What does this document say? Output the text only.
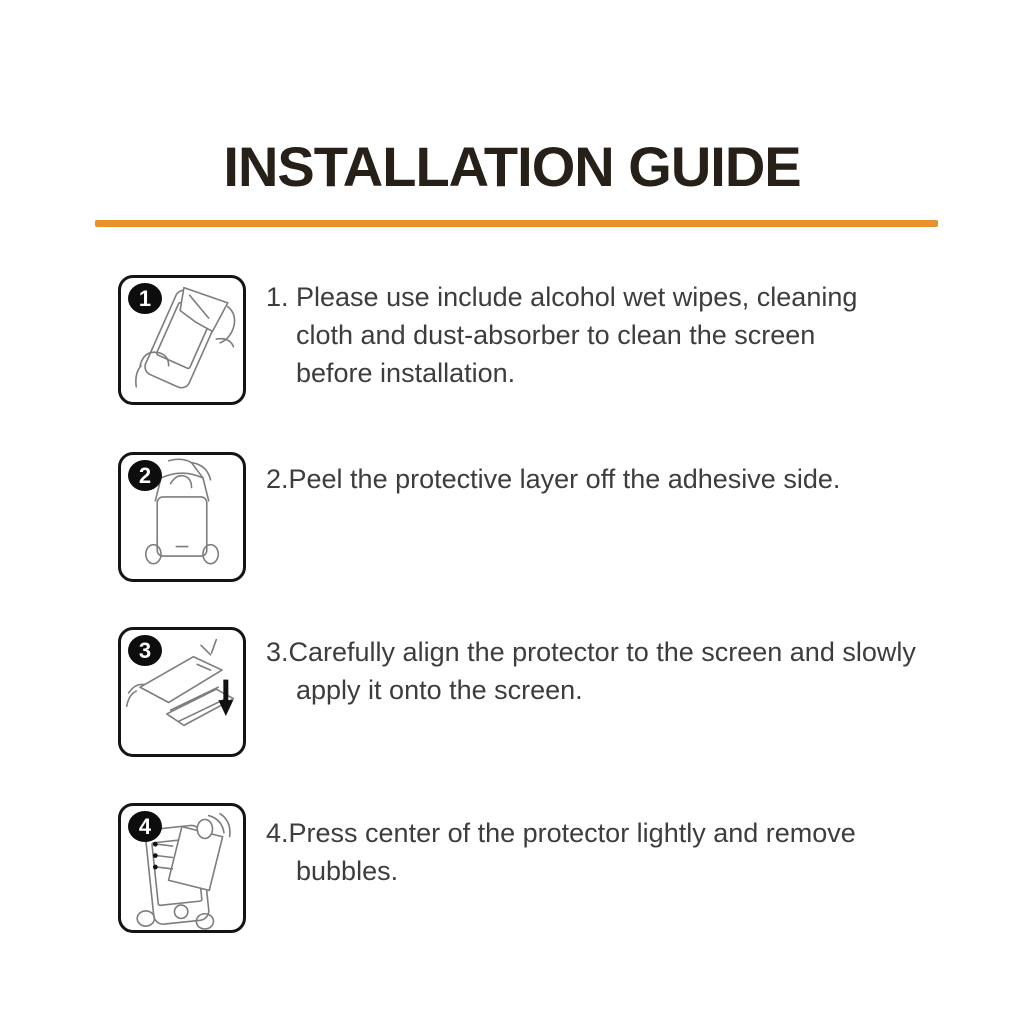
INSTALLATION GUIDE
1	1. Please use include alcohol wet wipes, cleaning
cloth and dust-absorber to clean the screen
before installation.
2	2.Peel the protective layer off the adhesive side.
3	3.Carefully align the protector to the screen and slowly
apply it onto the screen.
4	4.Press center of the protector lightly and remove
bubbles.
